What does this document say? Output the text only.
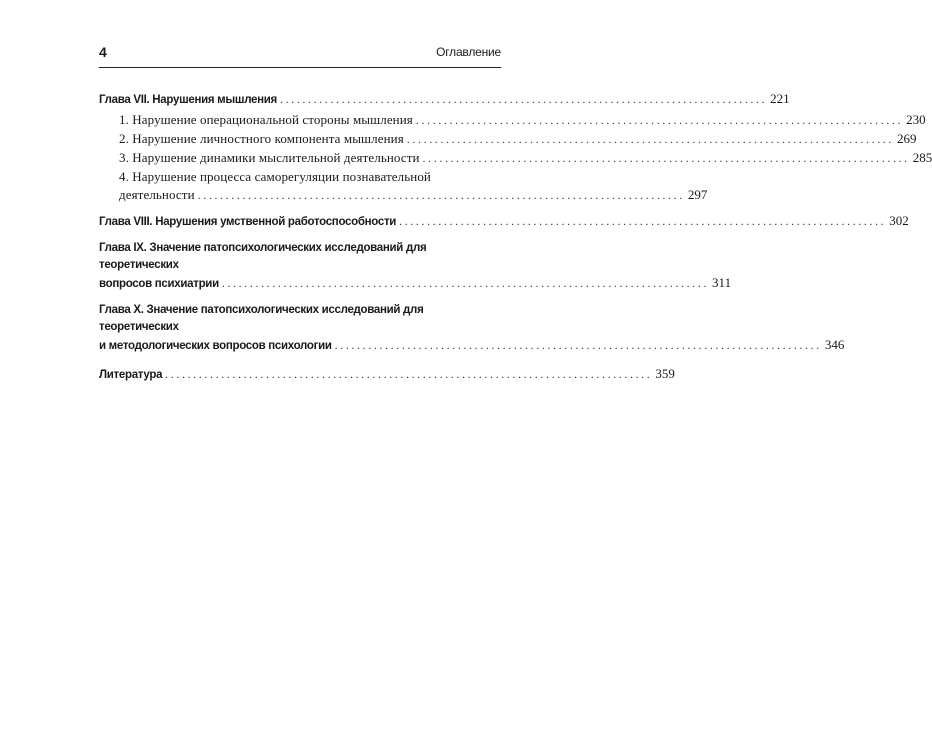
4	Оглавление
Глава VII. Нарушения мышления ....................................................................................... 221
1. Нарушение операциональной стороны мышления ....................................................................................... 230
2. Нарушение личностного компонента мышления ....................................................................................... 269
3. Нарушение динамики мыслительной деятельности ....................................................................................... 285
4. Нарушение процесса саморегуляции познавательной
деятельности ....................................................................................... 297
Глава VIII. Нарушения умственной работоспособности ....................................................................................... 302
Глава IX. Значение патопсихологических исследований для теоретических
вопросов психиатрии ....................................................................................... 311
Глава X. Значение патопсихологических исследований для теоретических
и методологических вопросов психологии ....................................................................................... 346
Литература ....................................................................................... 359
